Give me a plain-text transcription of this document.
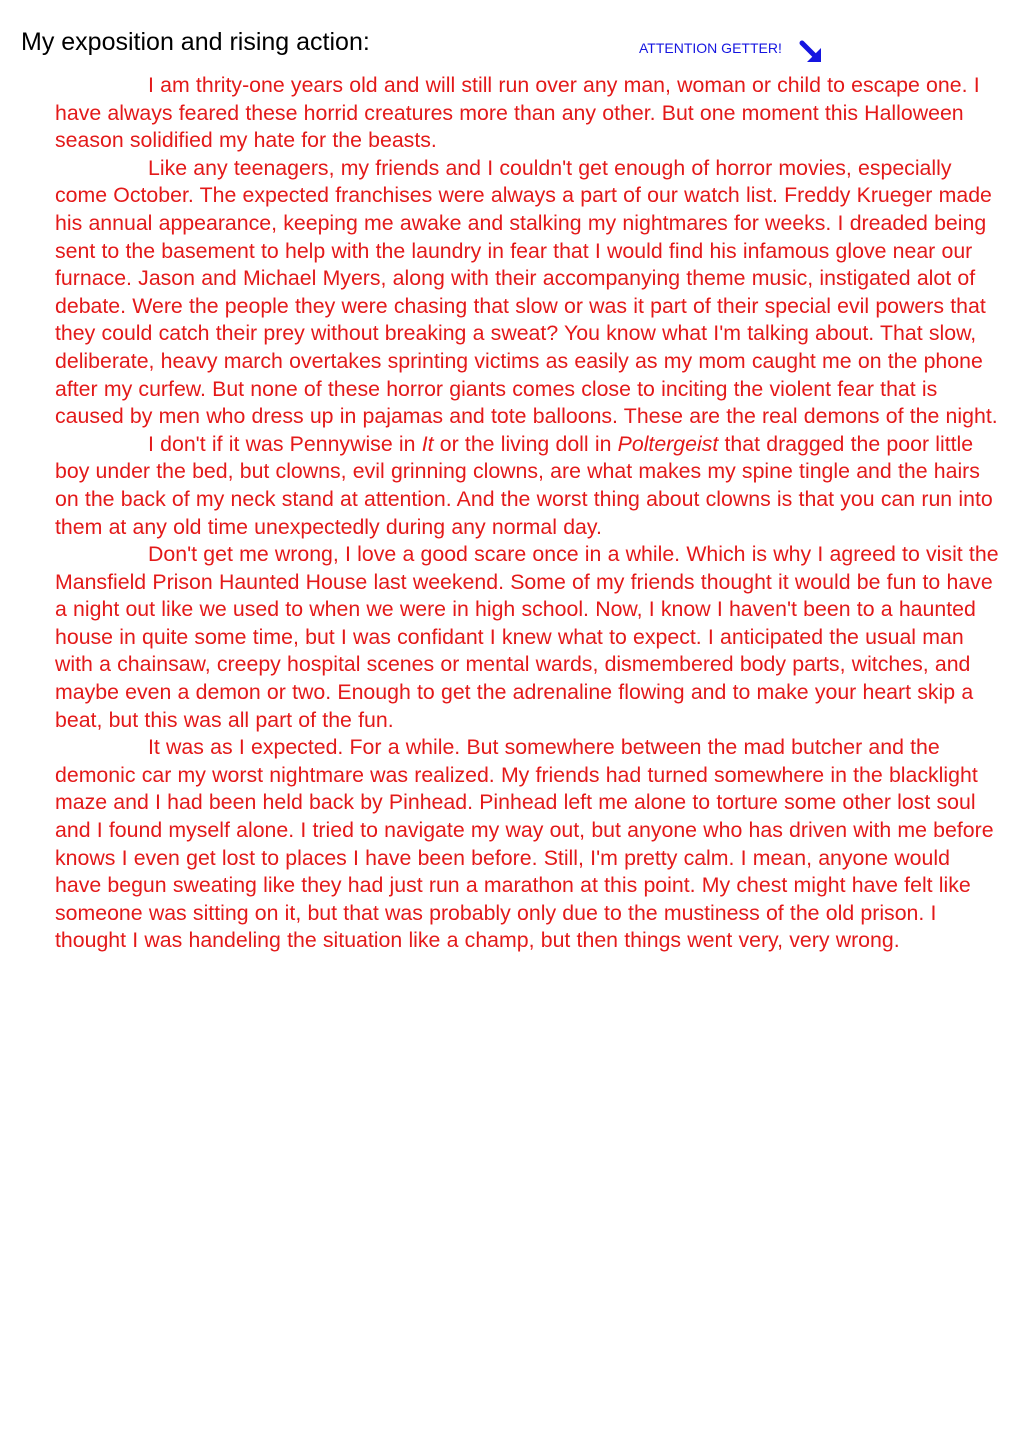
My exposition and rising action:	ATTENTION GETTER!

I am thrity-one years old and will still run over any man, woman or child to escape one. I have always feared these horrid creatures more than any other. But one moment this Halloween season solidified my hate for the beasts.

Like any teenagers, my friends and I couldn't get enough of horror movies, especially come October. The expected franchises were always a part of our watch list. Freddy Krueger made his annual appearance, keeping me awake and stalking my nightmares for weeks. I dreaded being sent to the basement to help with the laundry in fear that I would find his infamous glove near our furnace. Jason and Michael Myers, along with their accompanying theme music, instigated alot of debate. Were the people they were chasing that slow or was it part of their special evil powers that they could catch their prey without breaking a sweat? You know what I'm talking about. That slow, deliberate, heavy march overtakes sprinting victims as easily as my mom caught me on the phone after my curfew. But none of these horror giants comes close to inciting the violent fear that is caused by men who dress up in pajamas and tote balloons. These are the real demons of the night.

I don't if it was Pennywise in It or the living doll in Poltergeist that dragged the poor little boy under the bed, but clowns, evil grinning clowns, are what makes my spine tingle and the hairs on the back of my neck stand at attention. And the worst thing about clowns is that you can run into them at any old time unexpectedly during any normal day.

Don't get me wrong, I love a good scare once in a while. Which is why I agreed to visit the Mansfield Prison Haunted House last weekend. Some of my friends thought it would be fun to have a night out like we used to when we were in high school. Now, I know I haven't been to a haunted house in quite some time, but I was confidant I knew what to expect. I anticipated the usual man with a chainsaw, creepy hospital scenes or mental wards, dismembered body parts, witches, and maybe even a demon or two. Enough to get the adrenaline flowing and to make your heart skip a beat, but this was all part of the fun.

It was as I expected. For a while. But somewhere between the mad butcher and the demonic car my worst nightmare was realized. My friends had turned somewhere in the blacklight maze and I had been held back by Pinhead. Pinhead left me alone to torture some other lost soul and I found myself alone. I tried to navigate my way out, but anyone who has driven with me before knows I even get lost to places I have been before. Still, I'm pretty calm. I mean, anyone would have begun sweating like they had just run a marathon at this point. My chest might have felt like someone was sitting on it, but that was probably only due to the mustiness of the old prison. I thought I was handeling the situation like a champ, but then things went very, very wrong.
